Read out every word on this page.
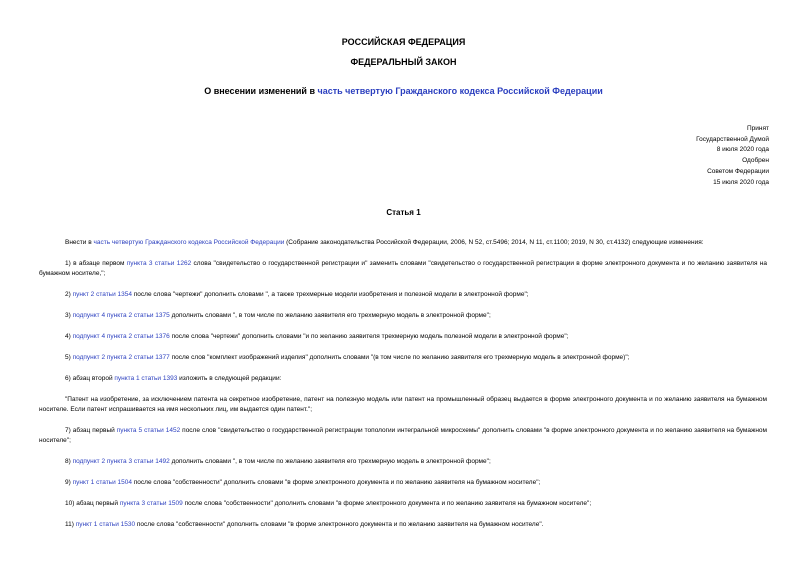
РОССИЙСКАЯ ФЕДЕРАЦИЯ
ФЕДЕРАЛЬНЫЙ ЗАКОН
О внесении изменений в часть четвертую Гражданского кодекса Российской Федерации
Принят
Государственной Думой
8 июля 2020 года
Одобрен
Советом Федерации
15 июля 2020 года
Статья 1
Внести в часть четвертую Гражданского кодекса Российской Федерации (Собрание законодательства Российской Федерации, 2006, N 52, ст.5496; 2014, N 11, ст.1100; 2019, N 30, ст.4132) следующие изменения:
1) в абзаце первом пункта 3 статьи 1262 слова "свидетельство о государственной регистрации и" заменить словами "свидетельство о государственной регистрации в форме электронного документа и по желанию заявителя на бумажном носителе,";
2) пункт 2 статьи 1354 после слова "чертежи" дополнить словами ", а также трехмерные модели изобретения и полезной модели в электронной форме";
3) подпункт 4 пункта 2 статьи 1375 дополнить словами ", в том числе по желанию заявителя его трехмерную модель в электронной форме";
4) подпункт 4 пункта 2 статьи 1376 после слова "чертежи" дополнить словами "и по желанию заявителя трехмерную модель полезной модели в электронной форме";
5) подпункт 2 пункта 2 статьи 1377 после слов "комплект изображений изделия" дополнить словами "(в том числе по желанию заявителя его трехмерную модель в электронной форме)";
6) абзац второй пункта 1 статьи 1393 изложить в следующей редакции:
"Патент на изобретение, за исключением патента на секретное изобретение, патент на полезную модель или патент на промышленный образец выдается в форме электронного документа и по желанию заявителя на бумажном носителе. Если патент испрашивается на имя нескольких лиц, им выдается один патент.";
7) абзац первый пункта 5 статьи 1452 после слов "свидетельство о государственной регистрации топологии интегральной микросхемы" дополнить словами "в форме электронного документа и по желанию заявителя на бумажном носителе";
8) подпункт 2 пункта 3 статьи 1492 дополнить словами ", в том числе по желанию заявителя его трехмерную модель в электронной форме";
9) пункт 1 статьи 1504 после слова "собственности" дополнить словами "в форме электронного документа и по желанию заявителя на бумажном носителе";
10) абзац первый пункта 3 статьи 1509 после слова "собственности" дополнить словами "в форме электронного документа и по желанию заявителя на бумажном носителе";
11) пункт 1 статьи 1530 после слова "собственности" дополнить словами "в форме электронного документа и по желанию заявителя на бумажном носителе".
